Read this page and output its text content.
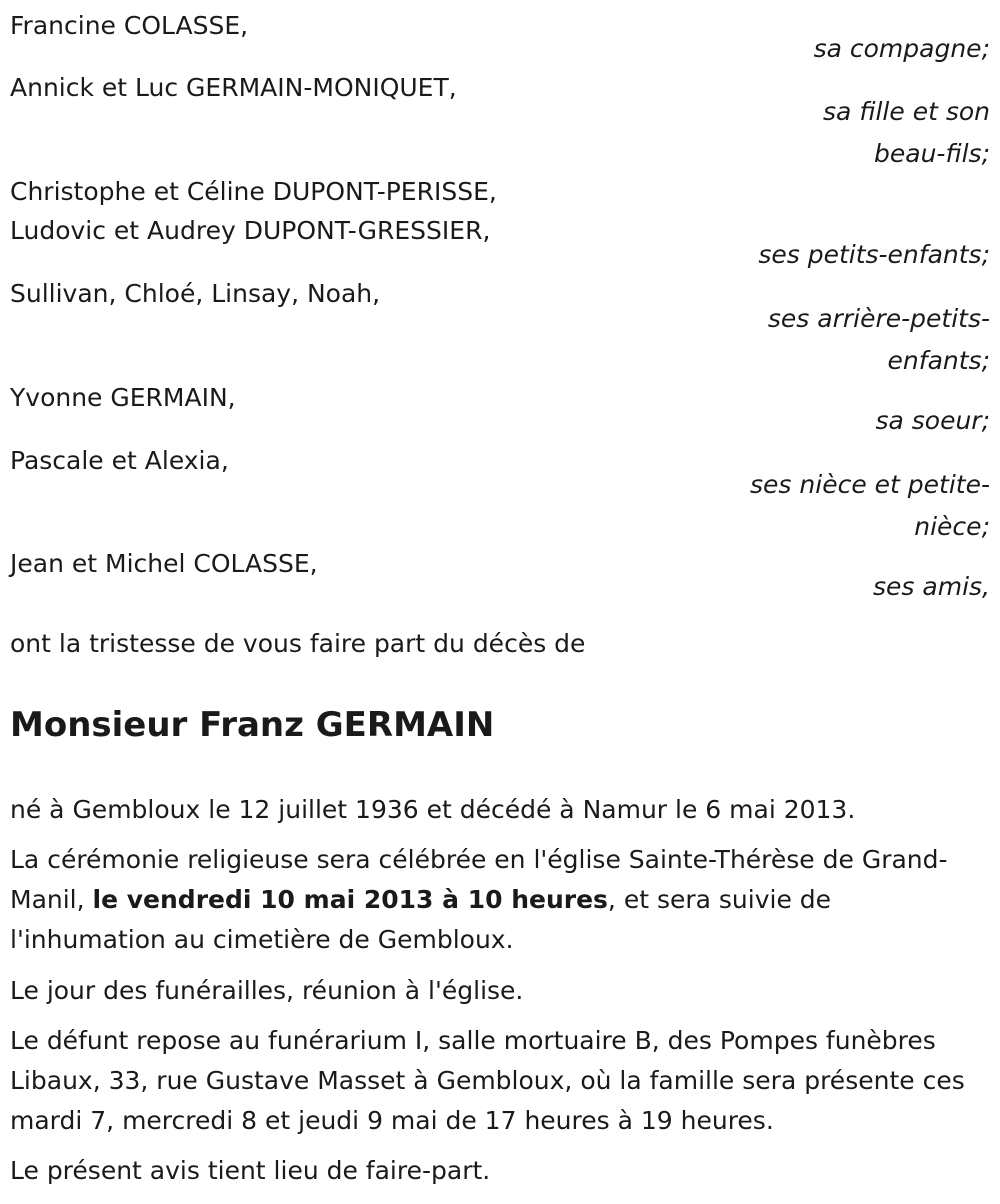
Francine COLASSE,
sa compagne;
Annick et Luc GERMAIN-MONIQUET,
sa fille et son beau-fils;
Christophe et Céline DUPONT-PERISSE,
Ludovic et Audrey DUPONT-GRESSIER,
ses petits-enfants;
Sullivan, Chloé, Linsay, Noah,
ses arrière-petits-enfants;
Yvonne GERMAIN,
sa soeur;
Pascale et Alexia,
ses nièce et petite-nièce;
Jean et Michel COLASSE,
ses amis,
ont la tristesse de vous faire part du décès de
Monsieur Franz GERMAIN

né à Gembloux le 12 juillet 1936 et décédé à Namur le 6 mai 2013.

La cérémonie religieuse sera célébrée en l'église Sainte-Thérèse de Grand-Manil, le vendredi 10 mai 2013 à 10 heures, et sera suivie de l'inhumation au cimetière de Gembloux.

Le jour des funérailles, réunion à l'église.

Le défunt repose au funérarium I, salle mortuaire B, des Pompes funèbres Libaux, 33, rue Gustave Masset à Gembloux, où la famille sera présente ces mardi 7, mercredi 8 et jeudi 9 mai de 17 heures à 19 heures.

Le présent avis tient lieu de faire-part.
